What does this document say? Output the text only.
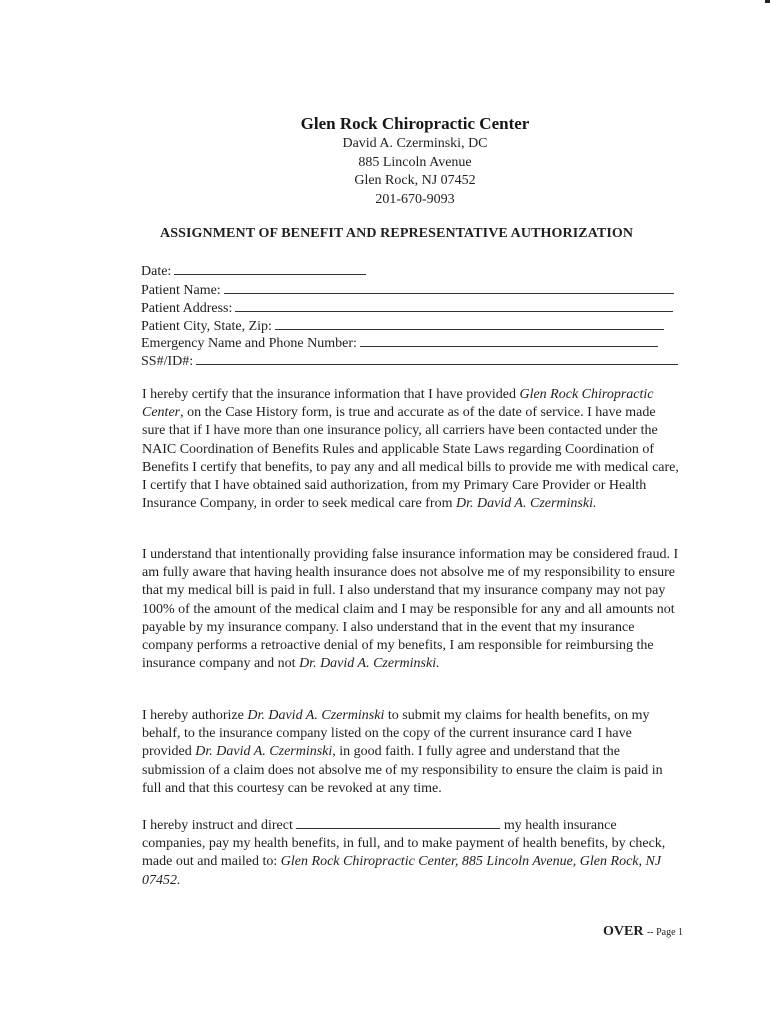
Glen Rock Chiropractic Center
David A. Czerminski, DC
885 Lincoln Avenue
Glen Rock, NJ 07452
201-670-9093
ASSIGNMENT OF BENEFIT AND REPRESENTATIVE AUTHORIZATION
Date:
Patient Name:
Patient Address:
Patient City, State, Zip:
Emergency Name and Phone Number:
SS#/ID#:
I hereby certify that the insurance information that I have provided Glen Rock Chiropractic Center, on the Case History form, is true and accurate as of the date of service. I have made sure that if I have more than one insurance policy, all carriers have been contacted under the NAIC Coordination of Benefits Rules and applicable State Laws regarding Coordination of Benefits I certify that benefits, to pay any and all medical bills to provide me with medical care, I certify that I have obtained said authorization, from my Primary Care Provider or Health Insurance Company, in order to seek medical care from Dr. David A. Czerminski.
I understand that intentionally providing false insurance information may be considered fraud. I am fully aware that having health insurance does not absolve me of my responsibility to ensure that my medical bill is paid in full. I also understand that my insurance company may not pay 100% of the amount of the medical claim and I may be responsible for any and all amounts not payable by my insurance company. I also understand that in the event that my insurance company performs a retroactive denial of my benefits, I am responsible for reimbursing the insurance company and not Dr. David A. Czerminski.
I hereby authorize Dr. David A. Czerminski to submit my claims for health benefits, on my behalf, to the insurance company listed on the copy of the current insurance card I have provided Dr. David A. Czerminski, in good faith. I fully agree and understand that the submission of a claim does not absolve me of my responsibility to ensure the claim is paid in full and that this courtesy can be revoked at any time.
I hereby instruct and direct	my health insurance companies, pay my health benefits, in full, and to make payment of health benefits, by check, made out and mailed to: Glen Rock Chiropractic Center, 885 Lincoln Avenue, Glen Rock, NJ 07452.
OVER -- Page 1
